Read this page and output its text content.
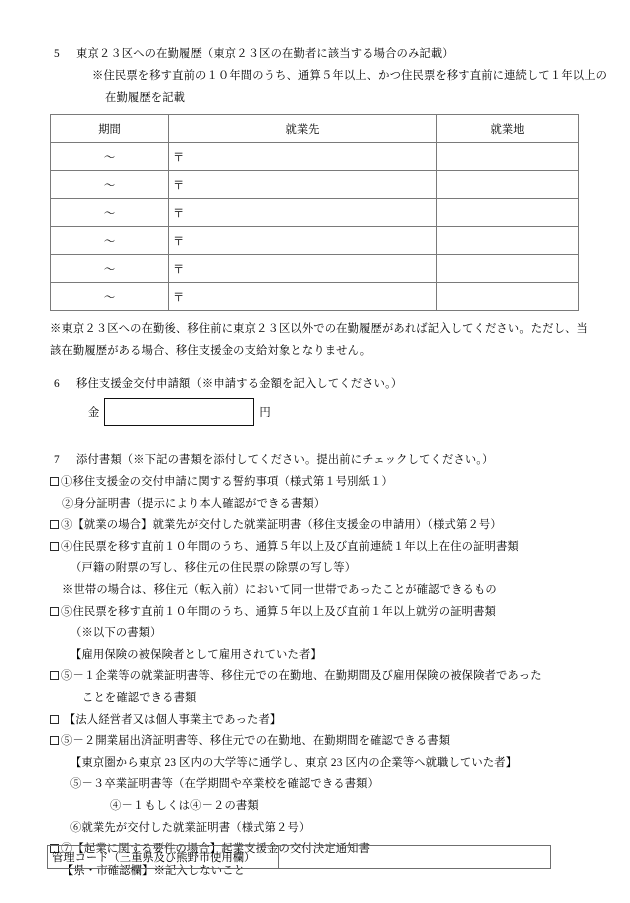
5 東京２３区への在勤履歴（東京２３区の在勤者に該当する場合のみ記載）
※住民票を移す直前の１０年間のうち、通算５年以上、かつ住民票を移す直前に連続して１年以上の
在勤履歴を記載
期間	就業先	就業地
～	〒	
～	〒	
～	〒	
～	〒	
～	〒	
～	〒	
※東京２３区への在勤後、移住前に東京２３区以外での在勤履歴があれば記入してください。ただし、当
該在勤履歴がある場合、移住支援金の支給対象となりません。
6 移住支援金交付申請額（※申請する金額を記入してください。）
金	円
7 添付書類（※下記の書類を添付してください。提出前にチェックしてください。）
①移住支援金の交付申請に関する誓約事項（様式第１号別紙１）
②身分証明書（提示により本人確認ができる書類）
③【就業の場合】就業先が交付した就業証明書（移住支援金の申請用）（様式第２号）
④住民票を移す直前１０年間のうち、通算５年以上及び直前連続１年以上在住の証明書類
（戸籍の附票の写し、移住元の住民票の除票の写し等）
※世帯の場合は、移住元（転入前）において同一世帯であったことが確認できるもの
⑤住民票を移す直前１０年間のうち、通算５年以上及び直前１年以上就労の証明書類
（※以下の書類）
【雇用保険の被保険者として雇用されていた者】
⑤－１企業等の就業証明書等、移住元での在勤地、在勤期間及び雇用保険の被保険者であった
ことを確認できる書類
【法人経営者又は個人事業主であった者】
⑤－２開業届出済証明書等、移住元での在勤地、在勤期間を確認できる書類
【東京圏から東京 23 区内の大学等に通学し、東京 23 区内の企業等へ就職していた者】
⑤－３卒業証明書等（在学期間や卒業校を確認できる書類）
④－１もしくは④－２の書類
⑥就業先が交付した就業証明書（様式第２号）
⑦【起業に関する要件の場合】起業支援金の交付決定通知書
【県・市確認欄】※記入しないこと
管理コード（三重県及び熊野市使用欄）	
